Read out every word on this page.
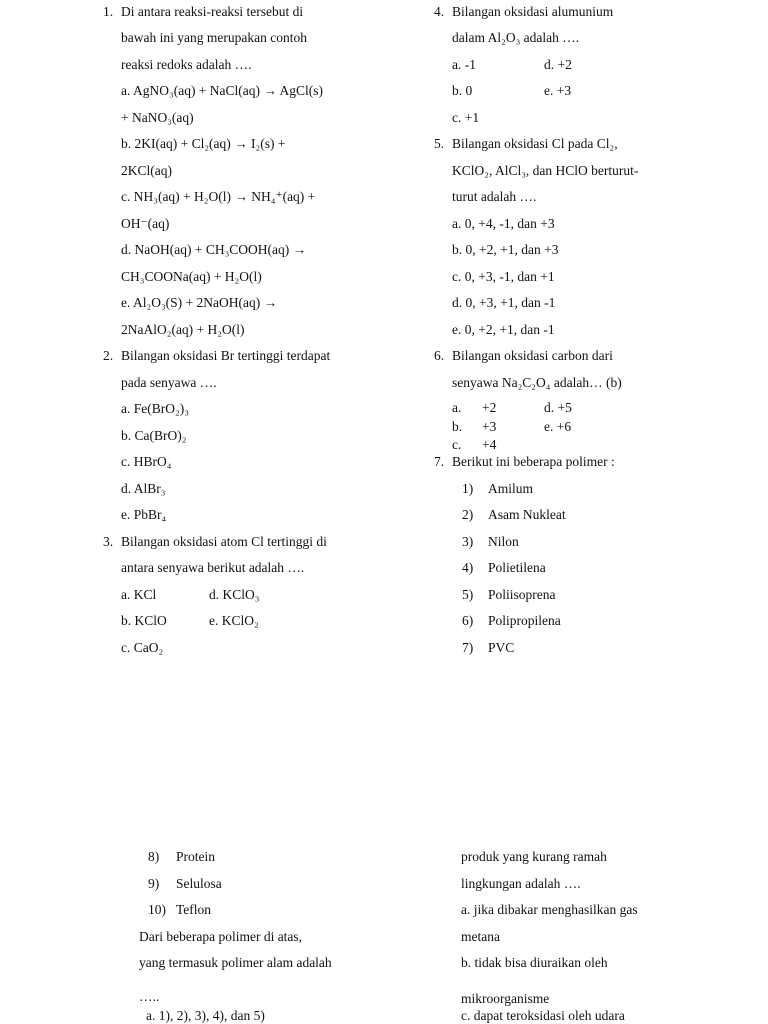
1. Di antara reaksi-reaksi tersebut di
bawah ini yang merupakan contoh
reaksi redoks adalah ….
a. AgNO₃(aq) + NaCl(aq) → AgCl(s)
+ NaNO₃(aq)
b. 2KI(aq) + Cl₂(aq) → I₂(s) +
2KCl(aq)
c. NH₃(aq) + H₂O(l) → NH₄⁺(aq) +
OH⁻(aq)
d. NaOH(aq) + CH₃COOH(aq) →
CH₃COONa(aq) + H₂O(l)
e. Al₂O₃(S) + 2NaOH(aq) →
2NaAlO₂(aq) + H₂O(l)
2. Bilangan oksidasi Br tertinggi terdapat
pada senyawa ….
a. Fe(BrO₂)₃
b. Ca(BrO)₂
c. HBrO₄
d. AlBr₃
e. PbBr₄
3. Bilangan oksidasi atom Cl tertinggi di
antara senyawa berikut adalah ….
a. KCl	d. KClO₃
b. KClO	e. KClO₂
c. CaO₂
4. Bilangan oksidasi alumunium
dalam Al₂O₃ adalah ….
a. -1	d. +2
b. 0	e. +3
c. +1
5. Bilangan oksidasi Cl pada Cl₂,
KClO₂, AlCl₃, dan HClO berturut-
turut adalah ….
a. 0, +4, -1, dan +3
b. 0, +2, +1, dan +3
c. 0, +3, -1, dan +1
d. 0, +3, +1, dan -1
e. 0, +2, +1, dan -1
6. Bilangan oksidasi carbon dari
senyawa Na₂C₂O₄ adalah… (b)
a. +2	d. +5
b. +3	e. +6
c. +4
7. Berikut ini beberapa polimer :
1) Amilum
2) Asam Nukleat
3) Nilon
4) Polietilena
5) Poliisoprena
6) Polipropilena
7) PVC
8) Protein
9) Selulosa
10) Teflon
Dari beberapa polimer di atas,
yang termasuk polimer alam adalah
…..
a. 1), 2), 3), 4), dan 5)
produk yang kurang ramah
lingkungan adalah ….
a. jika dibakar menghasilkan gas
metana
b. tidak bisa diuraikan oleh
mikroorganisme
c. dapat teroksidasi oleh udara
